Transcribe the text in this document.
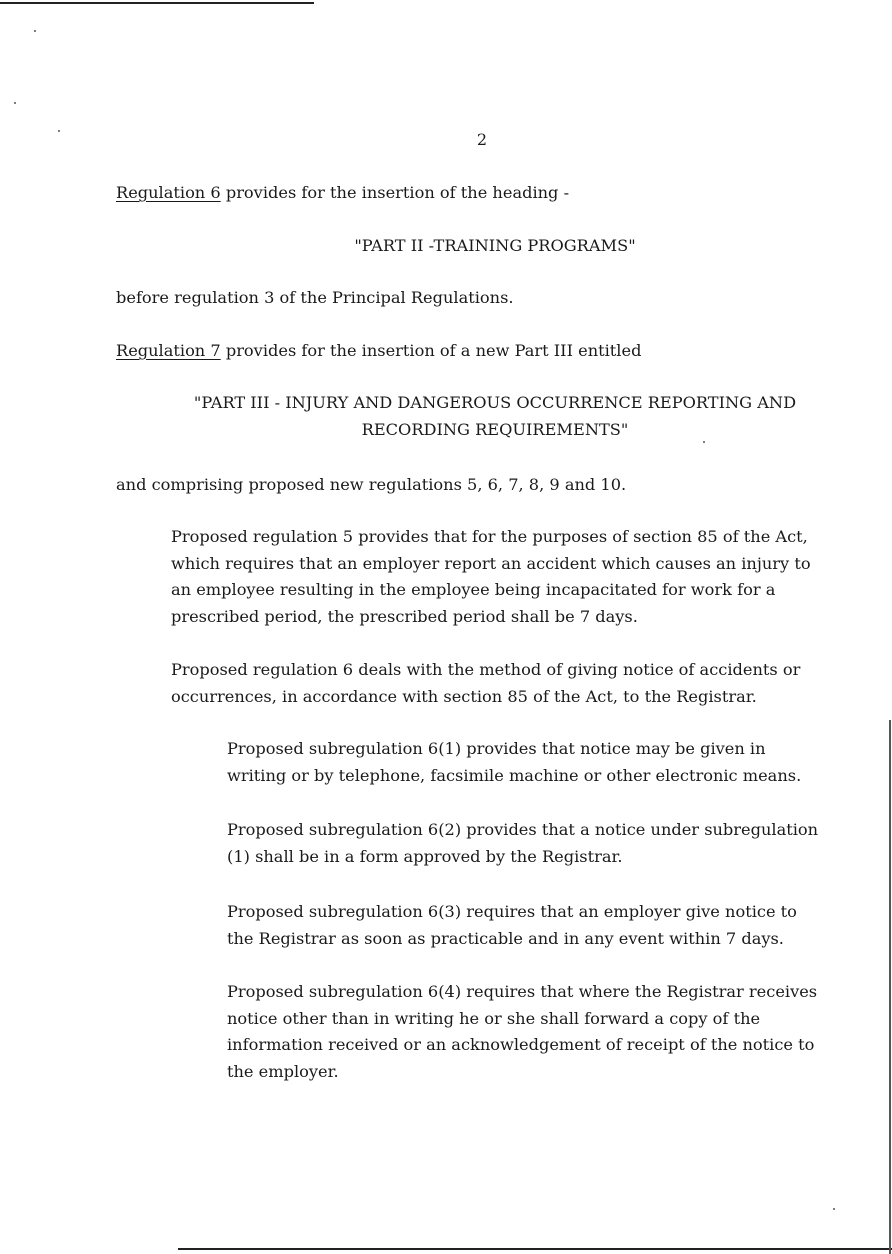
2
Regulation 6 provides for the insertion of the heading -
"PART II -TRAINING PROGRAMS"
before regulation 3 of the Principal Regulations.
Regulation 7 provides for the insertion of a new Part III entitled
"PART III - INJURY AND DANGEROUS OCCURRENCE REPORTING AND
RECORDING REQUIREMENTS"
and comprising proposed new regulations 5, 6, 7, 8, 9 and 10.
Proposed regulation 5 provides that for the purposes of section 85 of the Act,
which requires that an employer report an accident which causes an injury to
an employee resulting in the employee being incapacitated for work for a
prescribed period, the prescribed period shall be 7 days.
Proposed regulation 6 deals with the method of giving notice of accidents or
occurrences, in accordance with section 85 of the Act, to the Registrar.
Proposed subregulation 6(1) provides that notice may be given in
writing or by telephone, facsimile machine or other electronic means.
Proposed subregulation 6(2) provides that a notice under subregulation
(1) shall be in a form approved by the Registrar.
Proposed subregulation 6(3) requires that an employer give notice to
the Registrar as soon as practicable and in any event within 7 days.
Proposed subregulation 6(4) requires that where the Registrar receives
notice other than in writing he or she shall forward a copy of the
information received or an acknowledgement of receipt of the notice to
the employer.
